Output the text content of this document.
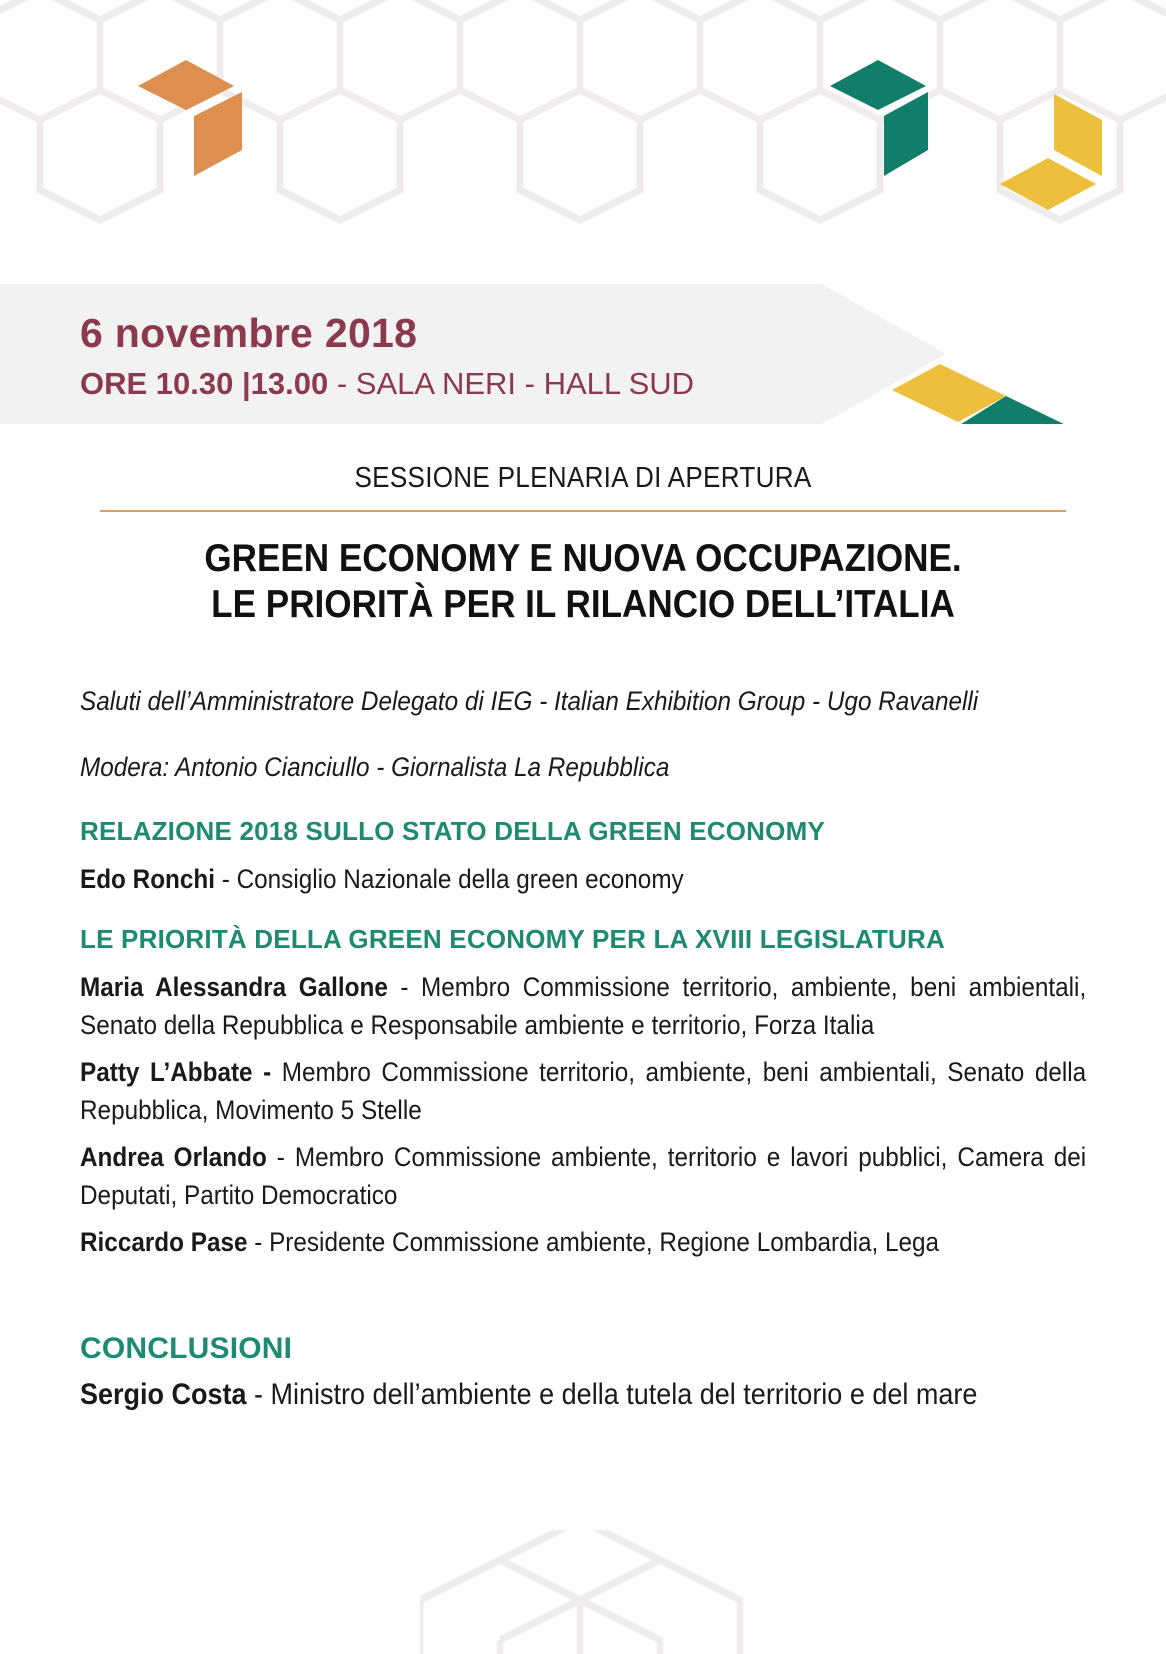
6 novembre 2018
ORE 10.30 |13.00 - SALA NERI - HALL SUD
SESSIONE PLENARIA DI APERTURA
GREEN ECONOMY E NUOVA OCCUPAZIONE.
LE PRIORITÀ PER IL RILANCIO DELL’ITALIA
Saluti dell’Amministratore Delegato di IEG - Italian Exhibition Group - Ugo Ravanelli
Modera: Antonio Cianciullo - Giornalista La Repubblica
RELAZIONE 2018 SULLO STATO DELLA GREEN ECONOMY
Edo Ronchi - Consiglio Nazionale della green economy
LE PRIORITÀ DELLA GREEN ECONOMY PER LA XVIII LEGISLATURA
Maria Alessandra Gallone - Membro Commissione territorio, ambiente, beni ambientali, Senato della Repubblica e Responsabile ambiente e territorio, Forza Italia
Patty L’Abbate - Membro Commissione territorio, ambiente, beni ambientali, Senato della Repubblica, Movimento 5 Stelle
Andrea Orlando - Membro Commissione ambiente, territorio e lavori pubblici, Camera dei Deputati, Partito Democratico
Riccardo Pase - Presidente Commissione ambiente, Regione Lombardia, Lega
CONCLUSIONI
Sergio Costa - Ministro dell’ambiente e della tutela del territorio e del mare
